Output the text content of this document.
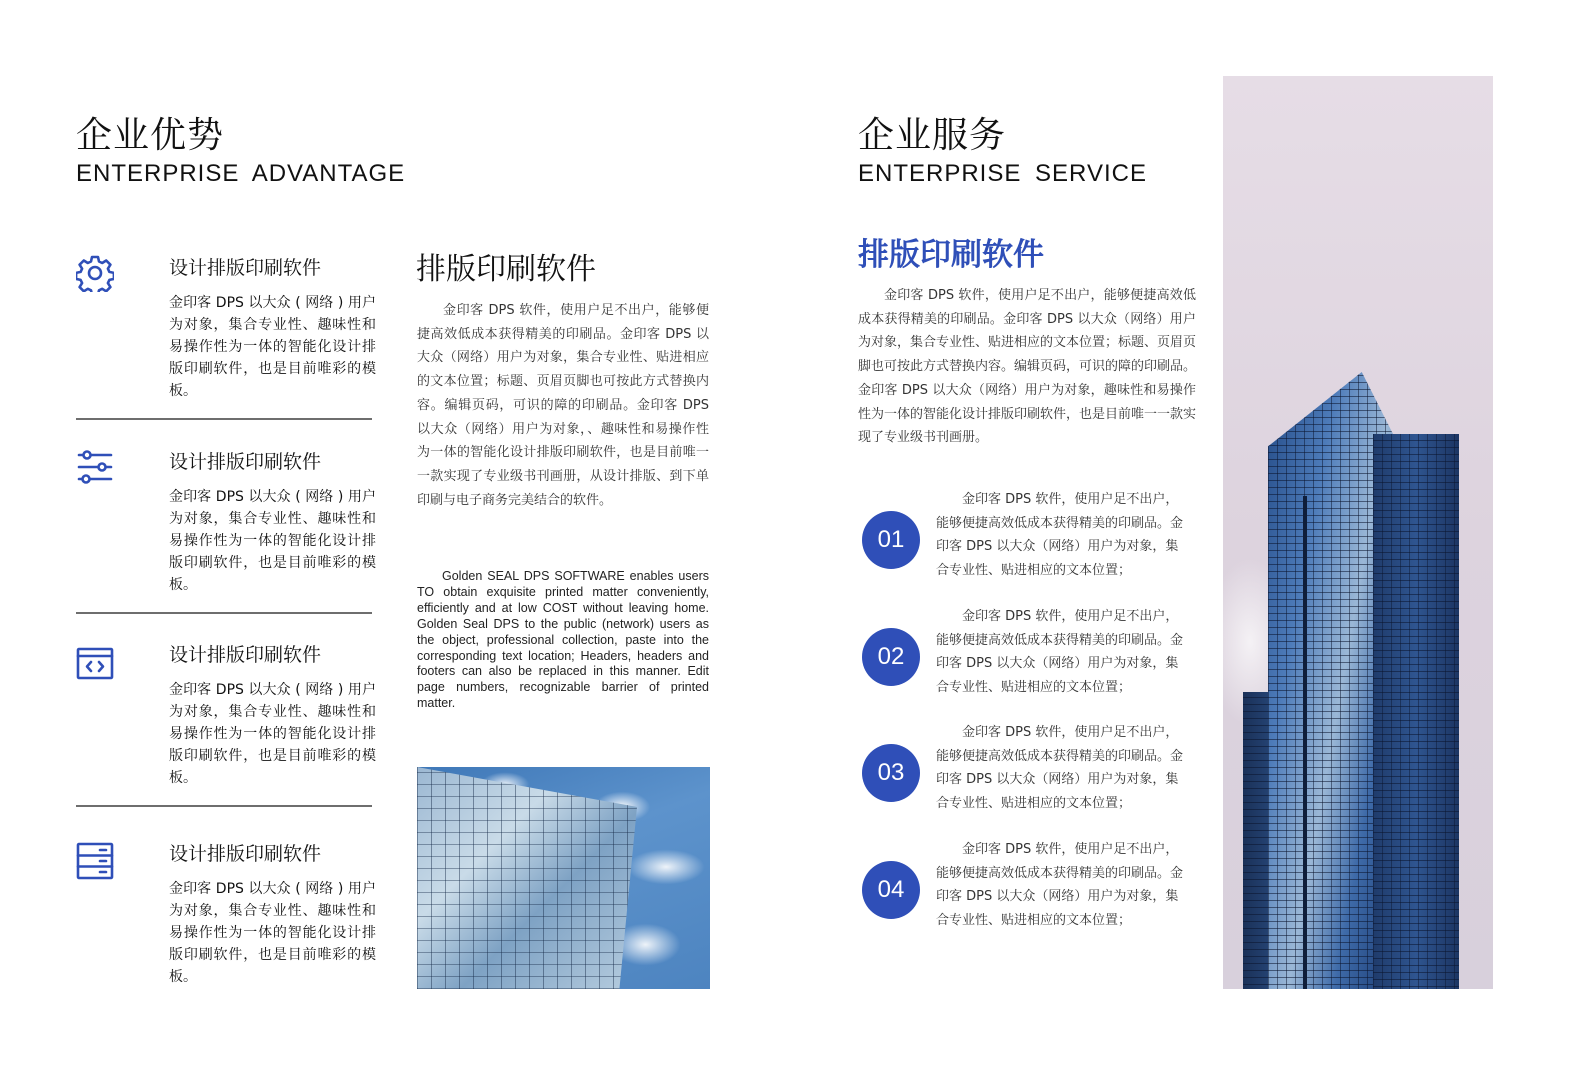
企业优势
ENTERPRISE ADVANTAGE
设计排版印刷软件
金印客 DPS 以大众 ( 网络 ) 用户为对象，集合专业性、趣味性和易操作性为一体的智能化设计排版印刷软件，也是目前唯彩的模板。
设计排版印刷软件
金印客 DPS 以大众 ( 网络 ) 用户为对象，集合专业性、趣味性和易操作性为一体的智能化设计排版印刷软件，也是目前唯彩的模板。
设计排版印刷软件
金印客 DPS 以大众 ( 网络 ) 用户为对象，集合专业性、趣味性和易操作性为一体的智能化设计排版印刷软件，也是目前唯彩的模板。
设计排版印刷软件
金印客 DPS 以大众 ( 网络 ) 用户为对象，集合专业性、趣味性和易操作性为一体的智能化设计排版印刷软件，也是目前唯彩的模板。
排版印刷软件
金印客 DPS 软件，使用户足不出户，能够便捷高效低成本获得精美的印刷品。金印客 DPS 以大众（网络）用户为对象，集合专业性、贴进相应的文本位置；标题、页眉页脚也可按此方式替换内容。编辑页码，可识的障的印刷品。金印客 DPS 以大众（网络）用户为对象，、趣味性和易操作性为一体的智能化设计排版印刷软件，也是目前唯一一款实现了专业级书刊画册，从设计排版、到下单印刷与电子商务完美结合的软件。
Golden SEAL DPS SOFTWARE enables users TO obtain exquisite printed matter conveniently, efficiently and at low COST without leaving home. Golden Seal DPS to the public (network) users as the object, professional collection, paste into the corresponding text location; Headers, headers and footers can also be replaced in this manner. Edit page numbers, recognizable barrier of printed matter.
企业服务
ENTERPRISE SERVICE
排版印刷软件
金印客 DPS 软件，使用户足不出户，能够便捷高效低成本获得精美的印刷品。金印客 DPS 以大众（网络）用户为对象，集合专业性、贴进相应的文本位置；标题、页眉页脚也可按此方式替换内容。编辑页码，可识的障的印刷品。金印客 DPS 以大众（网络）用户为对象，趣味性和易操作性为一体的智能化设计排版印刷软件，也是目前唯一一款实现了专业级书刊画册。
01
金印客 DPS 软件，使用户足不出户，能够便捷高效低成本获得精美的印刷品。金印客 DPS 以大众（网络）用户为对象，集合专业性、贴进相应的文本位置；
02
金印客 DPS 软件，使用户足不出户，能够便捷高效低成本获得精美的印刷品。金印客 DPS 以大众（网络）用户为对象，集合专业性、贴进相应的文本位置；
03
金印客 DPS 软件，使用户足不出户，能够便捷高效低成本获得精美的印刷品。金印客 DPS 以大众（网络）用户为对象，集合专业性、贴进相应的文本位置；
04
金印客 DPS 软件，使用户足不出户，能够便捷高效低成本获得精美的印刷品。金印客 DPS 以大众（网络）用户为对象，集合专业性、贴进相应的文本位置；
